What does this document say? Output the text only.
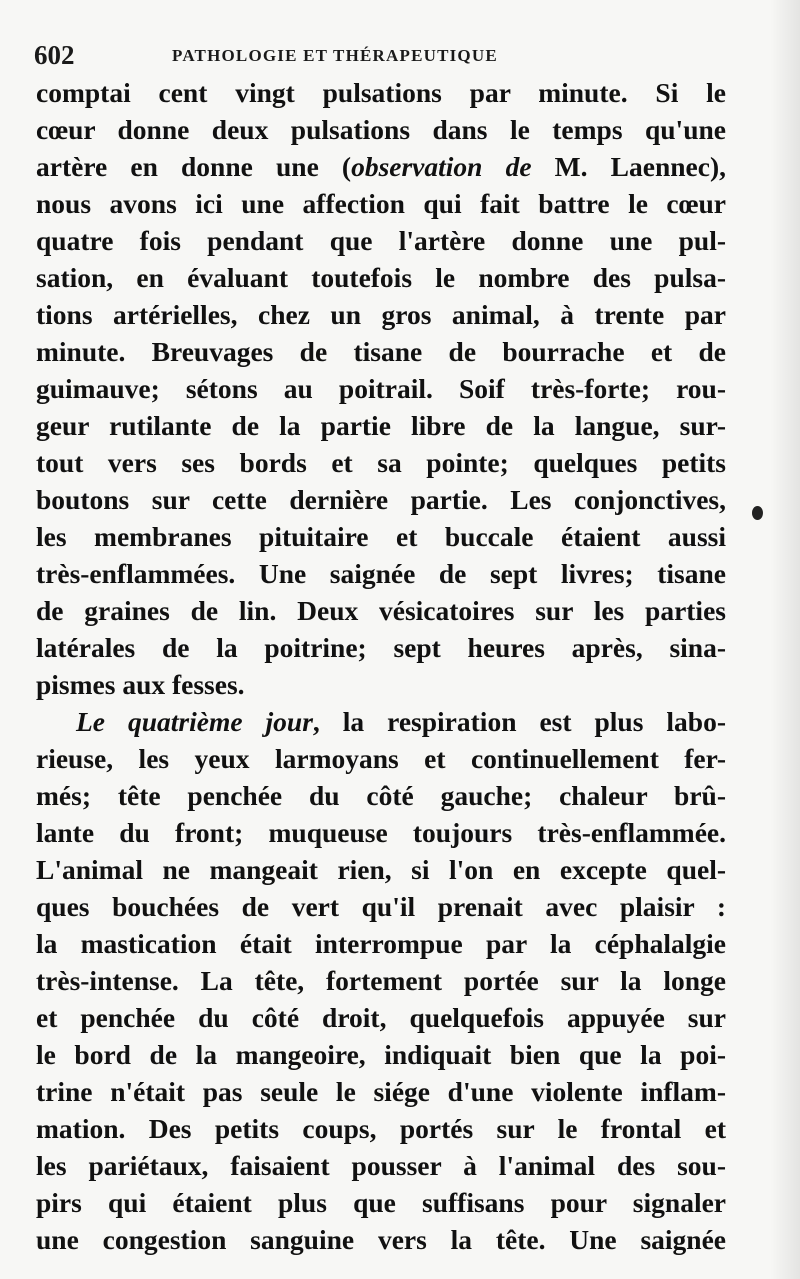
602	PATHOLOGIE ET THÉRAPEUTIQUE
comptai cent vingt pulsations par minute. Si le
cœur donne deux pulsations dans le temps qu'une
artère en donne une (observation de M. Laennec),
nous avons ici une affection qui fait battre le cœur
quatre fois pendant que l'artère donne une pul-
sation, en évaluant toutefois le nombre des pulsa-
tions artérielles, chez un gros animal, à trente par
minute. Breuvages de tisane de bourrache et de
guimauve; sétons au poitrail. Soif très-forte; rou-
geur rutilante de la partie libre de la langue, sur-
tout vers ses bords et sa pointe; quelques petits
boutons sur cette dernière partie. Les conjonctives,
les membranes pituitaire et buccale étaient aussi
très-enflammées. Une saignée de sept livres; tisane
de graines de lin. Deux vésicatoires sur les parties
latérales de la poitrine; sept heures après, sina-
pismes aux fesses.
Le quatrième jour, la respiration est plus labo-
rieuse, les yeux larmoyans et continuellement fer-
més; tête penchée du côté gauche; chaleur brû-
lante du front; muqueuse toujours très-enflammée.
L'animal ne mangeait rien, si l'on en excepte quel-
ques bouchées de vert qu'il prenait avec plaisir :
la mastication était interrompue par la céphalalgie
très-intense. La tête, fortement portée sur la longe
et penchée du côté droit, quelquefois appuyée sur
le bord de la mangeoire, indiquait bien que la poi-
trine n'était pas seule le siége d'une violente inflam-
mation. Des petits coups, portés sur le frontal et
les pariétaux, faisaient pousser à l'animal des sou-
pirs qui étaient plus que suffisans pour signaler
une congestion sanguine vers la tête. Une saignée
